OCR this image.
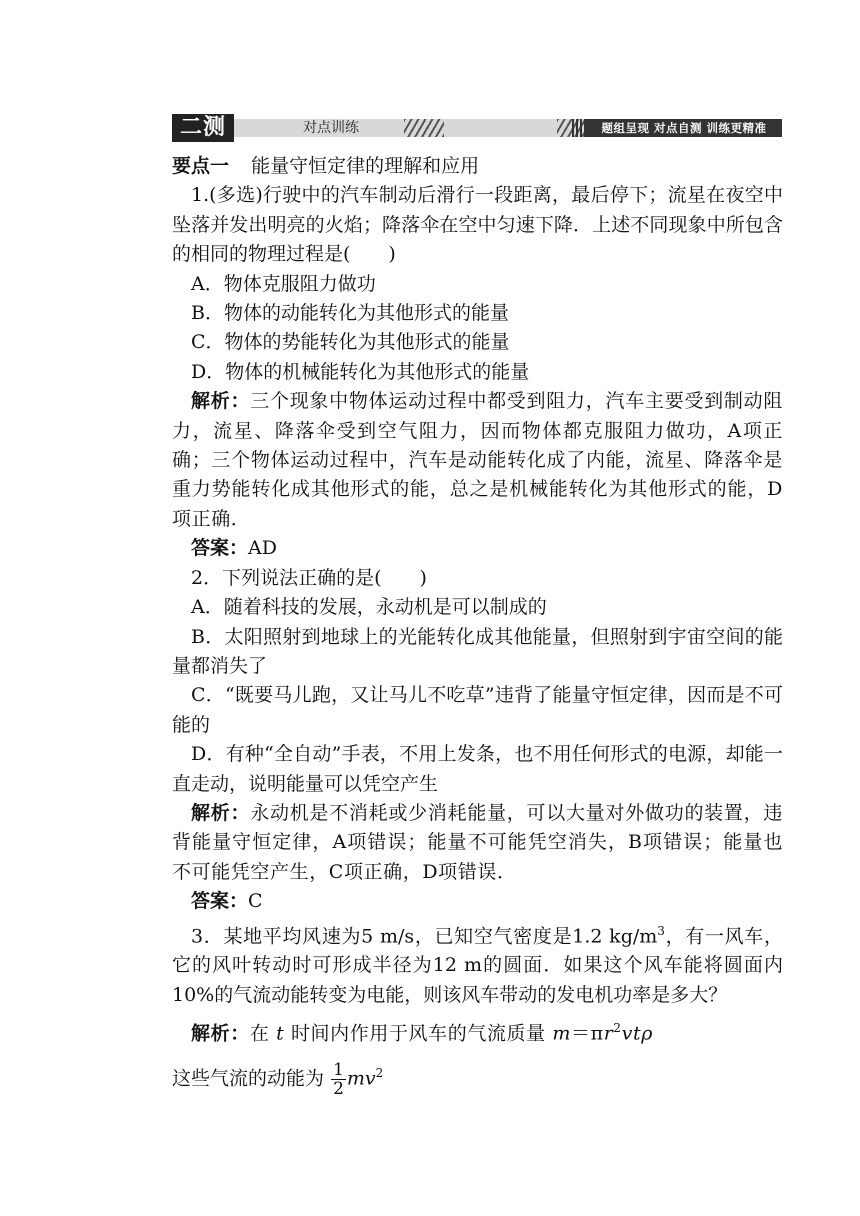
二测	对点训练	题组呈现 对点自测 训练更精准

要点一 能量守恒定律的理解和应用

1.(多选)行驶中的汽车制动后滑行一段距离，最后停下；流星在夜空中坠落并发出明亮的火焰；降落伞在空中匀速下降．上述不同现象中所包含的相同的物理过程是(　　)

A．物体克服阻力做功

B．物体的动能转化为其他形式的能量

C．物体的势能转化为其他形式的能量

D．物体的机械能转化为其他形式的能量

解析：三个现象中物体运动过程中都受到阻力，汽车主要受到制动阻力，流星、降落伞受到空气阻力，因而物体都克服阻力做功，A项正确；三个物体运动过程中，汽车是动能转化成了内能，流星、降落伞是重力势能转化成其他形式的能，总之是机械能转化为其他形式的能，D项正确．

答案：AD

2．下列说法正确的是(　　)

A．随着科技的发展，永动机是可以制成的

B．太阳照射到地球上的光能转化成其他能量，但照射到宇宙空间的能量都消失了

C．“既要马儿跑，又让马儿不吃草”违背了能量守恒定律，因而是不可能的

D．有种“全自动”手表，不用上发条，也不用任何形式的电源，却能一直走动，说明能量可以凭空产生

解析：永动机是不消耗或少消耗能量，可以大量对外做功的装置，违背能量守恒定律，A项错误；能量不可能凭空消失，B项错误；能量也不可能凭空产生，C项正确，D项错误．

答案：C

3．某地平均风速为5 m/s，已知空气密度是1.2 $kg/m^3$，有一风车，它的风叶转动时可形成半径为12 m的圆面．如果这个风车能将圆面内10%的气流动能转变为电能，则该风车带动的发电机功率是多大？

解析：在 t 时间内作用于风车的气流质量 $m=\pi r^2vt\rho$

这些气流的动能为 $\frac{1}{2} mv^2$
